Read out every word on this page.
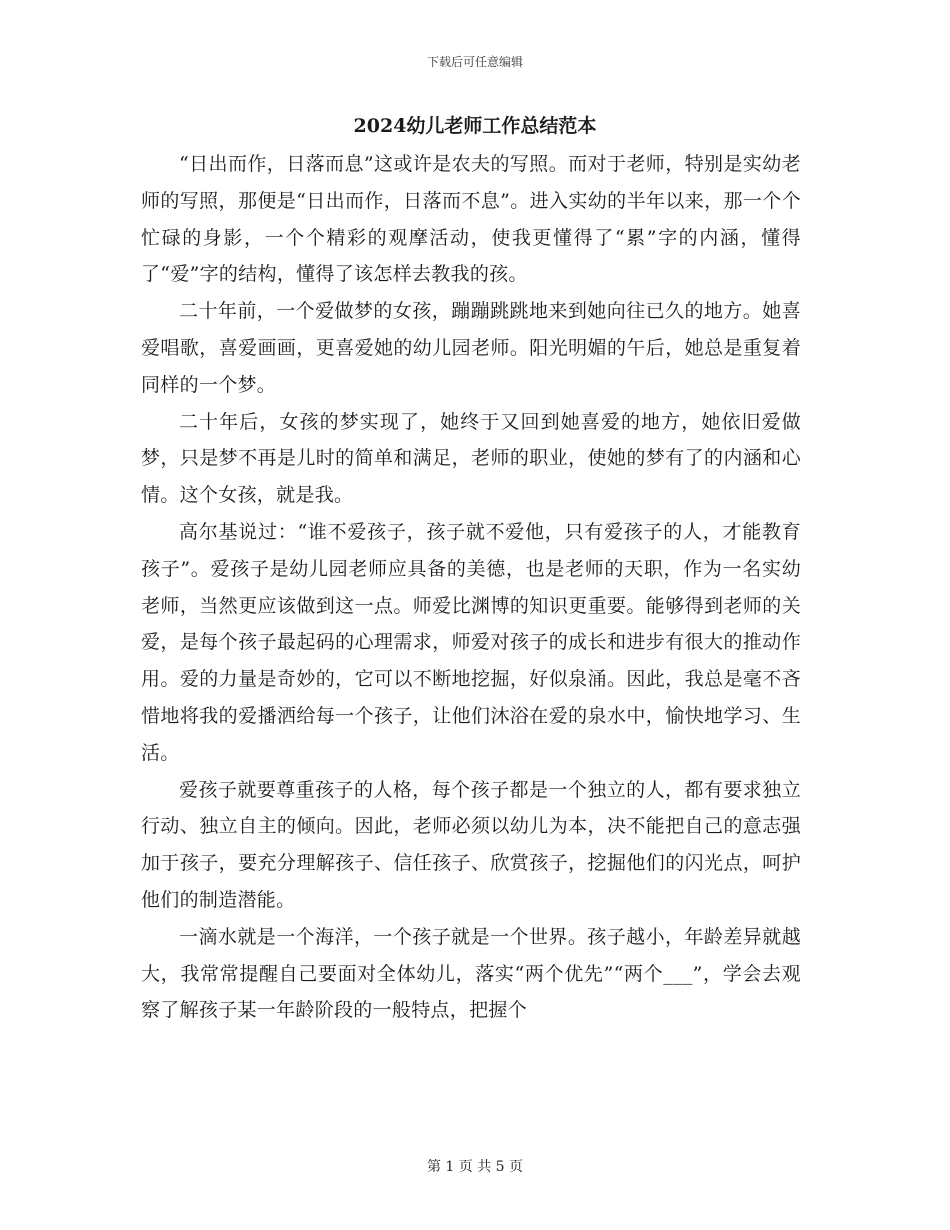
下载后可任意编辑
2024幼儿老师工作总结范本

“日出而作，日落而息”这或许是农夫的写照。而对于老师，特别是实幼老师的写照，那便是“日出而作，日落而不息”。进入实幼的半年以来，那一个个忙碌的身影，一个个精彩的观摩活动，使我更懂得了“累”字的内涵，懂得了“爱”字的结构，懂得了该怎样去教我的孩。

二十年前，一个爱做梦的女孩，蹦蹦跳跳地来到她向往已久的地方。她喜爱唱歌，喜爱画画，更喜爱她的幼儿园老师。阳光明媚的午后，她总是重复着同样的一个梦。

二十年后，女孩的梦实现了，她终于又回到她喜爱的地方，她依旧爱做梦，只是梦不再是儿时的简单和满足，老师的职业，使她的梦有了的内涵和心情。这个女孩，就是我。

高尔基说过：“谁不爱孩子，孩子就不爱他，只有爱孩子的人，才能教育孩子”。爱孩子是幼儿园老师应具备的美德，也是老师的天职，作为一名实幼老师，当然更应该做到这一点。师爱比渊博的知识更重要。能够得到老师的关爱，是每个孩子最起码的心理需求，师爱对孩子的成长和进步有很大的推动作用。爱的力量是奇妙的，它可以不断地挖掘，好似泉涌。因此，我总是毫不吝惜地将我的爱播洒给每一个孩子，让他们沐浴在爱的泉水中，愉快地学习、生活。

爱孩子就要尊重孩子的人格，每个孩子都是一个独立的人，都有要求独立行动、独立自主的倾向。因此，老师必须以幼儿为本，决不能把自己的意志强加于孩子，要充分理解孩子、信任孩子、欣赏孩子，挖掘他们的闪光点，呵护他们的制造潜能。

一滴水就是一个海洋，一个孩子就是一个世界。孩子越小，年龄差异就越大，我常常提醒自己要面对全体幼儿，落实“两个优先”“两个___”，学会去观察了解孩子某一年龄阶段的一般特点，把握个

第 1 页 共 5 页
